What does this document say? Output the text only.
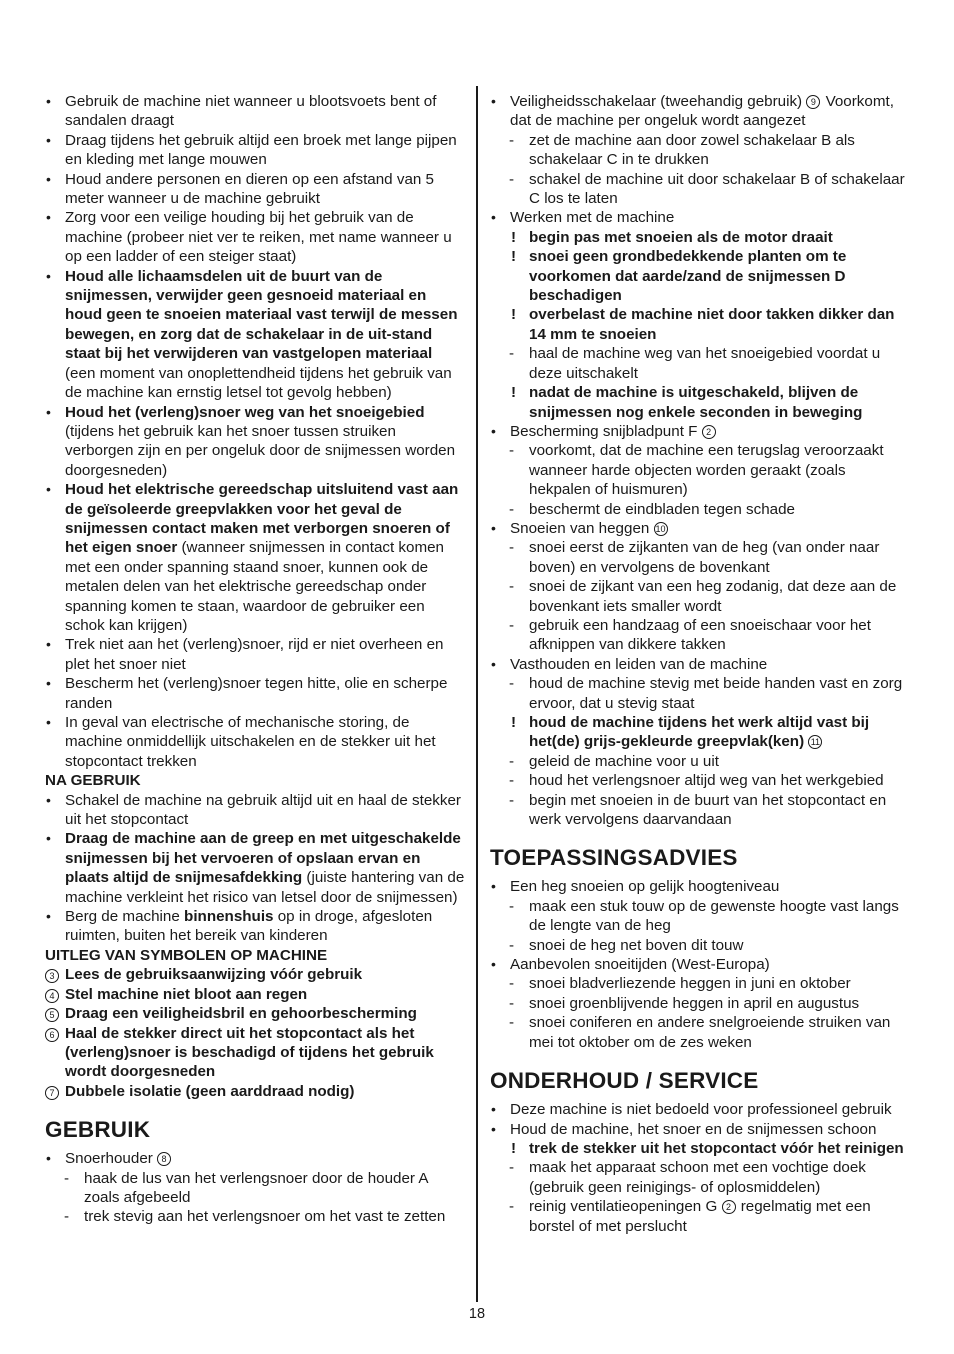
• Gebruik de machine niet wanneer u blootsvoets bent of sandalen draagt
• Draag tijdens het gebruik altijd een broek met lange pijpen en kleding met lange mouwen
• Houd andere personen en dieren op een afstand van 5 meter wanneer u de machine gebruikt
• Zorg voor een veilige houding bij het gebruik van de machine (probeer niet ver te reiken, met name wanneer u op een ladder of een steiger staat)
• Houd alle lichaamsdelen uit de buurt van de snijmessen, verwijder geen gesnoeid materiaal en houd geen te snoeien materiaal vast terwijl de messen bewegen, en zorg dat de schakelaar in de uit-stand staat bij het verwijderen van vastgelopen materiaal (een moment van onoplettendheid tijdens het gebruik van de machine kan ernstig letsel tot gevolg hebben)
• Houd het (verleng)snoer weg van het snoeigebied (tijdens het gebruik kan het snoer tussen struiken verborgen zijn en per ongeluk door de snijmessen worden doorgesneden)
• Houd het elektrische gereedschap uitsluitend vast aan de geïsoleerde greepvlakken voor het geval de snijmessen contact maken met verborgen snoeren of het eigen snoer (wanneer snijmessen in contact komen met een onder spanning staand snoer, kunnen ook de metalen delen van het elektrische gereedschap onder spanning komen te staan, waardoor de gebruiker een schok kan krijgen)
• Trek niet aan het (verleng)snoer, rijd er niet overheen en plet het snoer niet
• Bescherm het (verleng)snoer tegen hitte, olie en scherpe randen
• In geval van electrische of mechanische storing, de machine onmiddellijk uitschakelen en de stekker uit het stopcontact trekken
NA GEBRUIK
• Schakel de machine na gebruik altijd uit en haal de stekker uit het stopcontact
• Draag de machine aan de greep en met uitgeschakelde snijmessen bij het vervoeren of opslaan ervan en plaats altijd de snijmesafdekking (juiste hantering van de machine verkleint het risico van letsel door de snijmessen)
• Berg de machine binnenshuis op in droge, afgesloten ruimten, buiten het bereik van kinderen
UITLEG VAN SYMBOLEN OP MACHINE
3 Lees de gebruiksaanwijzing vóór gebruik
4 Stel machine niet bloot aan regen
5 Draag een veiligheidsbril en gehoorbescherming
6 Haal de stekker direct uit het stopcontact als het (verleng)snoer is beschadigd of tijdens het gebruik wordt doorgesneden
7 Dubbele isolatie (geen aarddraad nodig)
GEBRUIK
• Snoerhouder 8
- haak de lus van het verlengsnoer door de houder A zoals afgebeeld
- trek stevig aan het verlengsnoer om het vast te zetten
• Veiligheidsschakelaar (tweehandig gebruik) 9 Voorkomt, dat de machine per ongeluk wordt aangezet
- zet de machine aan door zowel schakelaar B als schakelaar C in te drukken
- schakel de machine uit door schakelaar B of schakelaar C los te laten
• Werken met de machine
! begin pas met snoeien als de motor draait
! snoei geen grondbedekkende planten om te voorkomen dat aarde/zand de snijmessen D beschadigen
! overbelast de machine niet door takken dikker dan 14 mm te snoeien
- haal de machine weg van het snoeigebied voordat u deze uitschakelt
! nadat de machine is uitgeschakeld, blijven de snijmessen nog enkele seconden in beweging
• Bescherming snijbladpunt F 2
- voorkomt, dat de machine een terugslag veroorzaakt wanneer harde objecten worden geraakt (zoals hekpalen of huismuren)
- beschermt de eindbladen tegen schade
• Snoeien van heggen 10
- snoei eerst de zijkanten van de heg (van onder naar boven) en vervolgens de bovenkant
- snoei de zijkant van een heg zodanig, dat deze aan de bovenkant iets smaller wordt
- gebruik een handzaag of een snoeischaar voor het afknippen van dikkere takken
• Vasthouden en leiden van de machine
- houd de machine stevig met beide handen vast en zorg ervoor, dat u stevig staat
! houd de machine tijdens het werk altijd vast bij het(de) grijs-gekleurde greepvlak(ken) 11
- geleid de machine voor u uit
- houd het verlengsnoer altijd weg van het werkgebied
- begin met snoeien in de buurt van het stopcontact en werk vervolgens daarvandaan
TOEPASSINGSADVIES
• Een heg snoeien op gelijk hoogteniveau
- maak een stuk touw op de gewenste hoogte vast langs de lengte van de heg
- snoei de heg net boven dit touw
• Aanbevolen snoeitijden (West-Europa)
- snoei bladverliezende heggen in juni en oktober
- snoei groenblijvende heggen in april en augustus
- snoei coniferen en andere snelgroeiende struiken van mei tot oktober om de zes weken
ONDERHOUD / SERVICE
• Deze machine is niet bedoeld voor professioneel gebruik
• Houd de machine, het snoer en de snijmessen schoon
! trek de stekker uit het stopcontact vóór het reinigen
- maak het apparaat schoon met een vochtige doek (gebruik geen reinigings- of oplosmiddelen)
- reinig ventilatieopeningen G 2 regelmatig met een borstel of met perslucht
18
